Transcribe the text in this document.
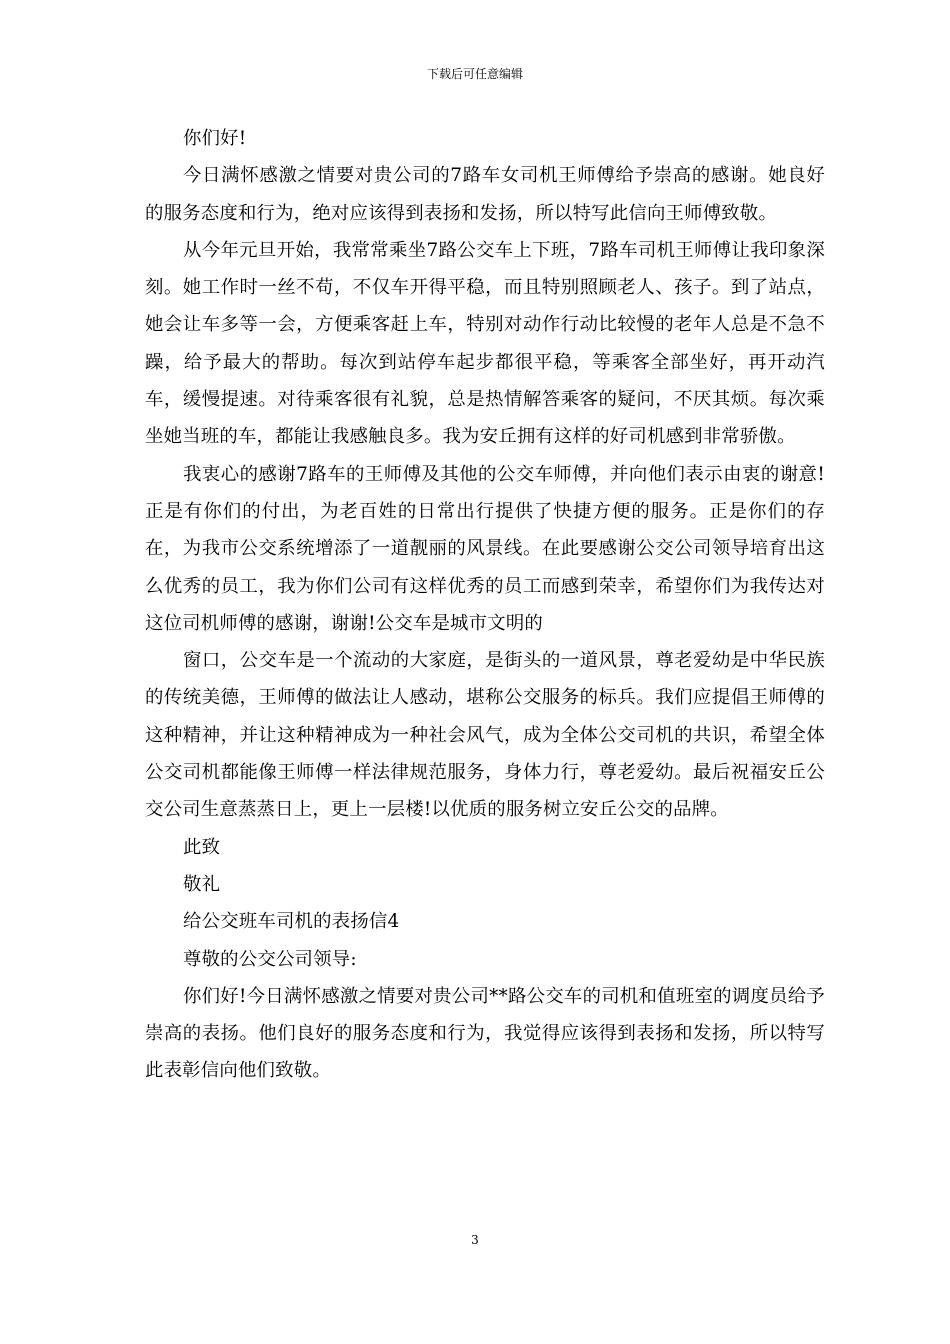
下载后可任意编辑

你们好!

今日满怀感激之情要对贵公司的7路车女司机王师傅给予崇高的感谢。她良好的服务态度和行为，绝对应该得到表扬和发扬，所以特写此信向王师傅致敬。

从今年元旦开始，我常常乘坐7路公交车上下班，7路车司机王师傅让我印象深刻。她工作时一丝不苟，不仅车开得平稳，而且特别照顾老人、孩子。到了站点，她会让车多等一会，方便乘客赶上车，特别对动作行动比较慢的老年人总是不急不躁，给予最大的帮助。每次到站停车起步都很平稳，等乘客全部坐好，再开动汽车，缓慢提速。对待乘客很有礼貌，总是热情解答乘客的疑问，不厌其烦。每次乘坐她当班的车，都能让我感触良多。我为安丘拥有这样的好司机感到非常骄傲。

我衷心的感谢7路车的王师傅及其他的公交车师傅，并向他们表示由衷的谢意!正是有你们的付出，为老百姓的日常出行提供了快捷方便的服务。正是你们的存在，为我市公交系统增添了一道靓丽的风景线。在此要感谢公交公司领导培育出这么优秀的员工，我为你们公司有这样优秀的员工而感到荣幸，希望你们为我传达对这位司机师傅的感谢，谢谢!公交车是城市文明的

窗口，公交车是一个流动的大家庭，是街头的一道风景，尊老爱幼是中华民族的传统美德，王师傅的做法让人感动，堪称公交服务的标兵。我们应提倡王师傅的这种精神，并让这种精神成为一种社会风气，成为全体公交司机的共识，希望全体公交司机都能像王师傅一样法律规范服务，身体力行，尊老爱幼。最后祝福安丘公交公司生意蒸蒸日上，更上一层楼!以优质的服务树立安丘公交的品牌。

此致

敬礼

给公交班车司机的表扬信4

尊敬的公交公司领导:

你们好!今日满怀感激之情要对贵公司**路公交车的司机和值班室的调度员给予崇高的表扬。他们良好的服务态度和行为，我觉得应该得到表扬和发扬，所以特写此表彰信向他们致敬。

3
